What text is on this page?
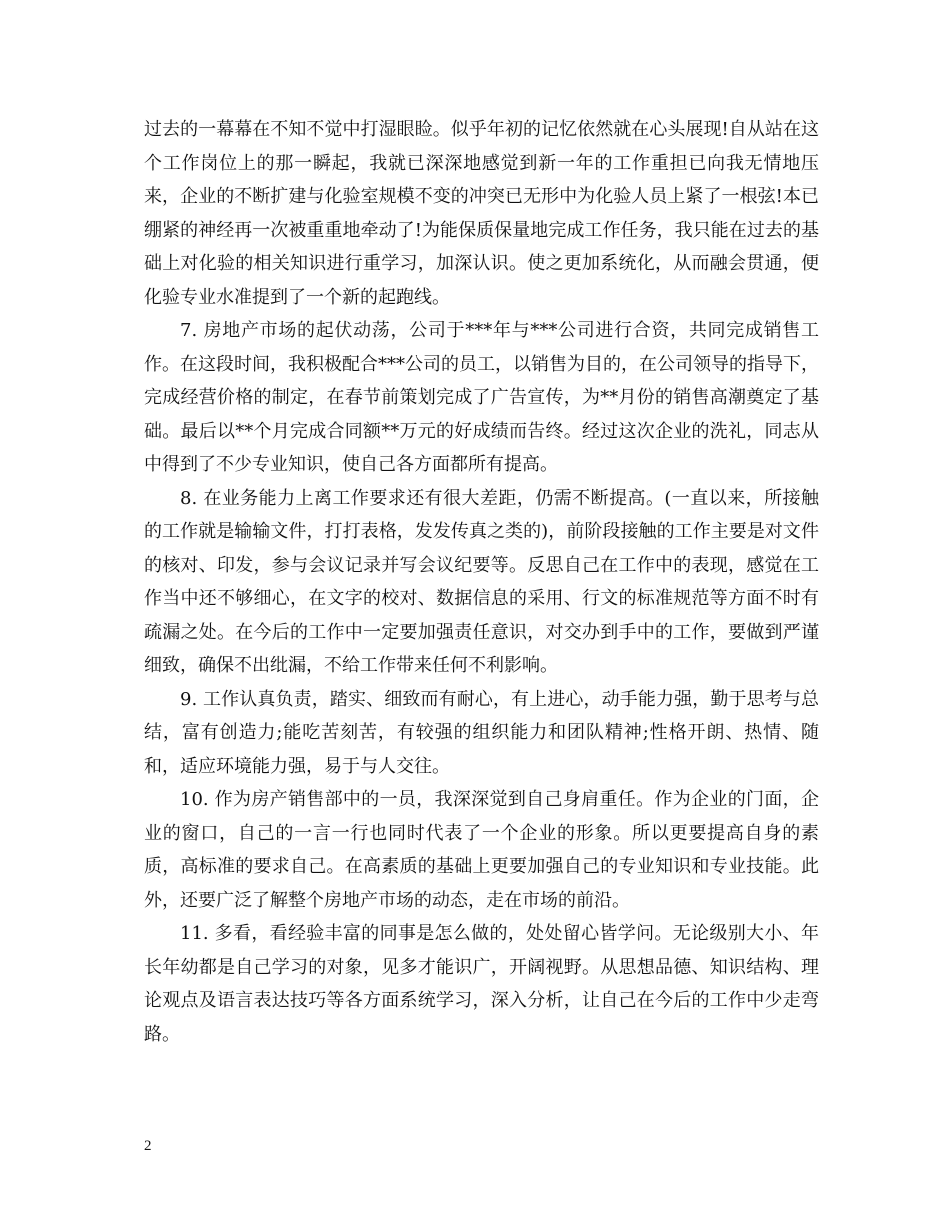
过去的一幕幕在不知不觉中打湿眼睑。似乎年初的记忆依然就在心头展现!自从站在这个工作岗位上的那一瞬起，我就已深深地感觉到新一年的工作重担已向我无情地压来，企业的不断扩建与化验室规模不变的冲突已无形中为化验人员上紧了一根弦!本已绷紧的神经再一次被重重地牵动了!为能保质保量地完成工作任务，我只能在过去的基础上对化验的相关知识进行重学习，加深认识。使之更加系统化，从而融会贯通，便化验专业水准提到了一个新的起跑线。

7. 房地产市场的起伏动荡，公司于***年与***公司进行合资，共同完成销售工作。在这段时间，我积极配合***公司的员工，以销售为目的，在公司领导的指导下，完成经营价格的制定，在春节前策划完成了广告宣传，为**月份的销售高潮奠定了基础。最后以**个月完成合同额**万元的好成绩而告终。经过这次企业的洗礼，同志从中得到了不少专业知识，使自己各方面都所有提高。

8. 在业务能力上离工作要求还有很大差距，仍需不断提高。(一直以来，所接触的工作就是输输文件，打打表格，发发传真之类的)，前阶段接触的工作主要是对文件的核对、印发，参与会议记录并写会议纪要等。反思自己在工作中的表现，感觉在工作当中还不够细心，在文字的校对、数据信息的采用、行文的标准规范等方面不时有疏漏之处。在今后的工作中一定要加强责任意识，对交办到手中的工作，要做到严谨细致，确保不出纰漏，不给工作带来任何不利影响。

9. 工作认真负责，踏实、细致而有耐心，有上进心，动手能力强，勤于思考与总结，富有创造力;能吃苦刻苦，有较强的组织能力和团队精神;性格开朗、热情、随和，适应环境能力强，易于与人交往。

10. 作为房产销售部中的一员，我深深觉到自己身肩重任。作为企业的门面，企业的窗口，自己的一言一行也同时代表了一个企业的形象。所以更要提高自身的素质，高标准的要求自己。在高素质的基础上更要加强自己的专业知识和专业技能。此外，还要广泛了解整个房地产市场的动态，走在市场的前沿。

11. 多看，看经验丰富的同事是怎么做的，处处留心皆学问。无论级别大小、年长年幼都是自己学习的对象，见多才能识广，开阔视野。从思想品德、知识结构、理论观点及语言表达技巧等各方面系统学习，深入分析，让自己在今后的工作中少走弯路。

2
